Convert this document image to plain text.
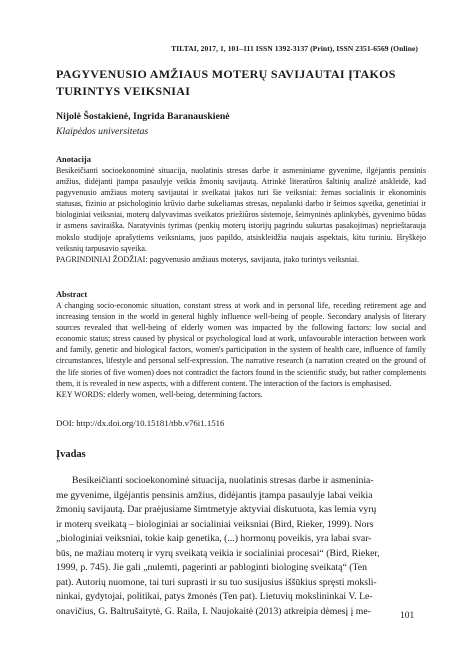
TILTAI, 2017, 1, 101–111 ISSN 1392-3137 (Print), ISSN 2351-6569 (Online)
PAGYVENUSIO AMŽIAUS MOTERŲ SAVIJAUTAI ĮTAKOS
TURINTYS VEIKSNIAI
Nijolė Šostakienė, Ingrida Baranauskienė
Klaipėdos universitetas
Anotacija
Besikeičianti socioekonominė situacija, nuolatinis stresas darbe ir asmeniniame gyvenime, ilgėjantis pensinis amžius, didėjanti įtampa pasaulyje veikia žmonių savijautą. Atrinkė literatūros šaltinių analizė atskleidė, kad pagyvenusio amžiaus moterų savijautai ir sveikatai įtakos turi šie veiksniai: žemas socialinis ir ekonominis statusas, fizinio ar psichologinio krūvio darbe sukeliamas stresas, nepalanki darbo ir šeimos sąveika, genetiniai ir biologiniai veiksniai, moterų dalyvavimas sveikatos priežiūros sistemoje, šeimyninės aplinkybės, gyvenimo būdas ir asmens saviraiška. Naratyvinis tyrimas (penkių moterų istorijų pagrindu sukurtas pasakojimas) neprieštarauja mokslo studijoje aprašytiems veiksniams, juos papildo, atsiskleidžia naujais aspektais, kitu turiniu. Išryškėjo veiksnių tarpusavio sąveika.
PAGRINDINIAI ŽODŽIAI: pagyvenusio amžiaus moterys, savijauta, įtako turintys veiksniai.
Abstract
A changing socio-economic situation, constant stress at work and in personal life, receding retirement age and increasing tension in the world in general highly influence well-being of people. Secondary analysis of literary sources revealed that well-being of elderly women was impacted by the following factors: low social and economic status; stress caused by physical or psychological load at work, unfavourable interaction between work and family, genetic and biological factors, women's participation in the system of health care, influence of family circumstances, lifestyle and personal self-expression. The narrative research (a narration created on the ground of the life stories of five women) does not contradict the factors found in the scientific study, but rather complements them, it is revealed in new aspects, with a different content. The interaction of the factors is emphasised.
KEY WORDS: elderly women, well-being, determining factors.
DOI: http://dx.doi.org/10.15181/tbb.v76i1.1516
Įvadas
Besikeičianti socioekonominė situacija, nuolatinis stresas darbe ir asmeninia-
me gyvenime, ilgėjantis pensinis amžius, didėjantis įtampa pasaulyje labai veikia
žmonių savijautą. Dar praėjusiame šimtmetyje aktyviai diskutuota, kas lemia vyrų
ir moterų sveikatą – biologiniai ar socialiniai veiksniai (Bird, Rieker, 1999). Nors
„biologiniai veiksniai, tokie kaip genetika, (...) hormonų poveikis, yra labai svar-
būs, ne mažiau moterų ir vyrų sveikatą veikia ir socialiniai procesai“ (Bird, Rieker,
1999, p. 745). Jie gali „nulemti, pagerinti ar pabloginti biologinę sveikatą“ (Ten
pat). Autorių nuomone, tai turi suprasti ir su tuo susijusius iššūkius spręsti moksli-
ninkai, gydytojai, politikai, patys žmonės (Ten pat). Lietuvių mokslininkai V. Le-
onavičius, G. Baltrušaitytė, G. Raila, I. Naujokaitė (2013) atkreipia dėmesį į me-	101
